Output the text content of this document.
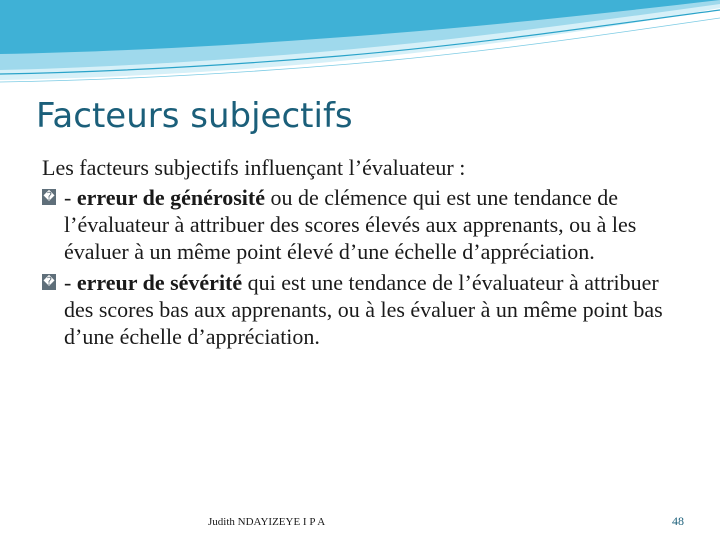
Facteurs subjectifs
Les facteurs subjectifs influençant l’évaluateur :
� - erreur de générosité ou de clémence qui est une tendance de l’évaluateur à attribuer des scores élevés aux apprenants, ou à les évaluer à un même point élevé d’une échelle d’appréciation.
� - erreur de sévérité qui est une tendance de l’évaluateur à attribuer des scores bas aux apprenants, ou à les évaluer à un même point bas d’une échelle d’appréciation.
Judith NDAYIZEYE I P A	48
